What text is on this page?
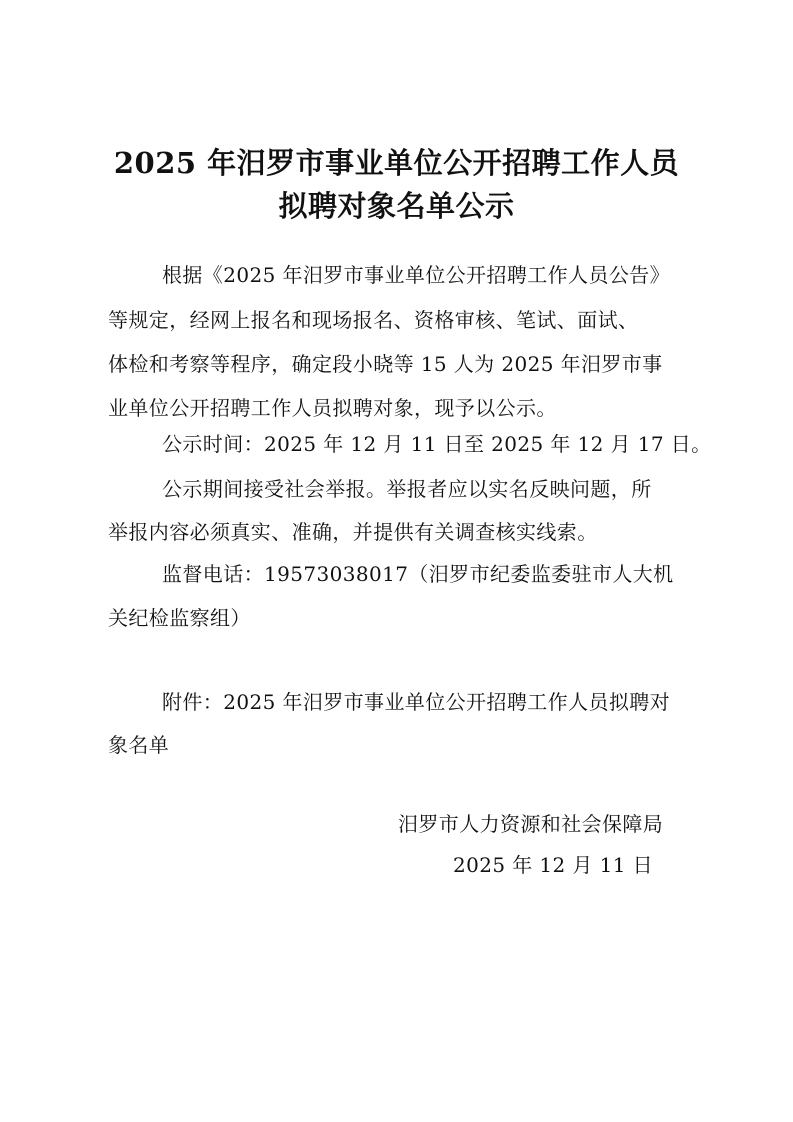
2025 年汨罗市事业单位公开招聘工作人员
拟聘对象名单公示
根据《2025 年汨罗市事业单位公开招聘工作人员公告》
等规定，经网上报名和现场报名、资格审核、笔试、面试、
体检和考察等程序，确定段小晓等 15 人为 2025 年汨罗市事
业单位公开招聘工作人员拟聘对象，现予以公示。
公示时间：2025 年 12 月 11 日至 2025 年 12 月 17 日。
公示期间接受社会举报。举报者应以实名反映问题，所
举报内容必须真实、准确，并提供有关调查核实线索。
监督电话：19573038017（汨罗市纪委监委驻市人大机
关纪检监察组）
附件：2025 年汨罗市事业单位公开招聘工作人员拟聘对
象名单
汨罗市人力资源和社会保障局
2025 年 12 月 11 日
